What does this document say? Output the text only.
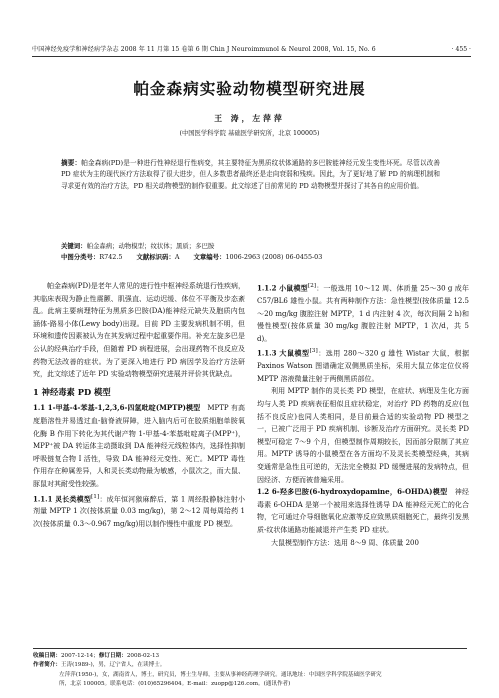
中国神经免疫学和神经病学杂志 2008 年 11 月第 15 卷第 6 期 Chin J Neuroimmunol & Neurol 2008, Vol. 15, No. 6	· 455 ·
帕金森病实验动物模型研究进展
王 涛，左萍萍
(中国医学科学院 基础医学研究所，北京 100005)
摘要：帕金森病(PD)是一种进行性神经退行性病变，其主要特征为黑质纹状体通路的多巴胺能神经元发生变性坏死。尽管以改善 PD 症状为主的现代医疗方法取得了很大进步，但人多数患者最终还是走向衰弱和残疾。因此，为了更好地了解 PD 的病理机制和寻求更有效的治疗方法，PD 相关动物模型的制作很重要。此文综述了目前常见的 PD 动物模型并探讨了其各自的应用价值。
关键词：帕金森病；动物模型；纹状体；黑质；多巴胺
中图分类号：R742.5 文献标识码：A 文章编号：1006-2963 (2008) 06-0455-03

帕金森病(PD)是老年人常见的进行性中枢神经系统退行性疾病，其临床表现为静止性震颤、肌强直、运动迟缓、体位不平衡及步态紊乱。此病主要病理特征为黑质多巴胺(DA)能神经元缺失及胞质内包涵体-路易小体(Lewy body)出现。目前 PD 主要发病机制不明，但环境和遗传因素被认为在其发病过程中起重要作用。补充左旋多巴是公认的经典治疗手段，但随着 PD 病程进展，会出现药物不良反应及药物无法改善的症状。为了更深入地进行 PD 病因学及治疗方法研究，此文综述了近年 PD 实验动物模型研究进展并评价其优缺点。

1 神经毒素 PD 模型

1.1 1-甲基-4-苯基-1,2,3,6-四氢吡啶(MPTP)模型　 MPTP 有高度脂溶性并易透过血-脑脊液屏障，进入脑内后可在胶质细胞单胺氧化酶 B 作用下转化为其代谢产物 1-甲基-4-苯基吡啶离子(MPP⁺)，MPP⁺被 DA 转运体主动摄取到 DA 能神经元线粒体内，选择性抑制呼吸链复合物 I 活性，导致 DA 能神经元变性、死亡。MPTP 毒性作用存在种属差异，人和灵长类动物最为敏感，小鼠次之，而大鼠、豚鼠对其耐受性较强。

1.1.1 灵长类模型[1]：成年恒河猴麻醉后，第 1 周经股静脉注射小剂量 MPTP 1 次(按体质量 0.03 mg/kg)，第 2～12 周每周给药 1 次(按体质量 0.3～0.967 mg/kg)用以制作慢性中重度 PD 模型。

1.1.2 小鼠模型[2]：一般选用 10～12 周、体质量 25～30 g 成年 C57/BL6 雄性小鼠。共有两种制作方法：急性模型(按体质量 12.5～20 mg/kg 腹腔注射 MPTP，1 d 内注射 4 次，每次间隔 2 h)和慢性模型(按体质量 30 mg/kg 腹腔注射 MPTP，1 次/d，共 5 d)。

1.1.3 大鼠模型[3]：选用 280～320 g 雄性 Wistar 大鼠，根据 Paxinos Watson 图谱确定双侧黑质坐标，采用大鼠立体定位仪将 MPTP 溶液微量注射于两侧黑质部位。

利用 MPTP 制作的灵长类 PD 模型，在症状、病理及生化方面均与人类 PD 疾病表征相似且症状稳定，对治疗 PD 药物的反应(包括不良反应)也同人类相同，是目前最合适的实验动物 PD 模型之一，已被广泛用于 PD 疾病机制、诊断及治疗方面研究。灵长类 PD 模型可稳定 7～9 个月，但模型制作周期较长，因而部分限制了其应用。MPTP 诱导的小鼠模型在各方面均不及灵长类模型经典，其病变通常是急性且可逆的，无法完全模拟 PD 缓慢进展的发病特点，但因经济、方便而被普遍采用。

1.2 6-羟多巴胺(6-hydroxydopamine，6-OHDA)模型　 神经毒素 6-OHDA 是第一个被用来选择性诱导 DA 能神经元死亡的化合物，它可通过介导细胞氧化应激等反应致黑质细胞死亡，最终引发黑质-纹状体通路功能减退并产生类 PD 症状。

大鼠模型制作方法：选用 8～9 周、体质量 200

收稿日期：2007-12-14；修订日期：2008-02-13
作者简介：王涛(1989-)，男，辽宁省人，在读博士。
左萍萍(1950-)，女，湖南省人，博士，研究员，博士生导师，主要从事神经药理学研究。通讯地址：中国医学科学院基础医学研究
所，北京 100005。联系电话：(010)65296404。E-mail：zuopp@126.com。(通讯作者)
